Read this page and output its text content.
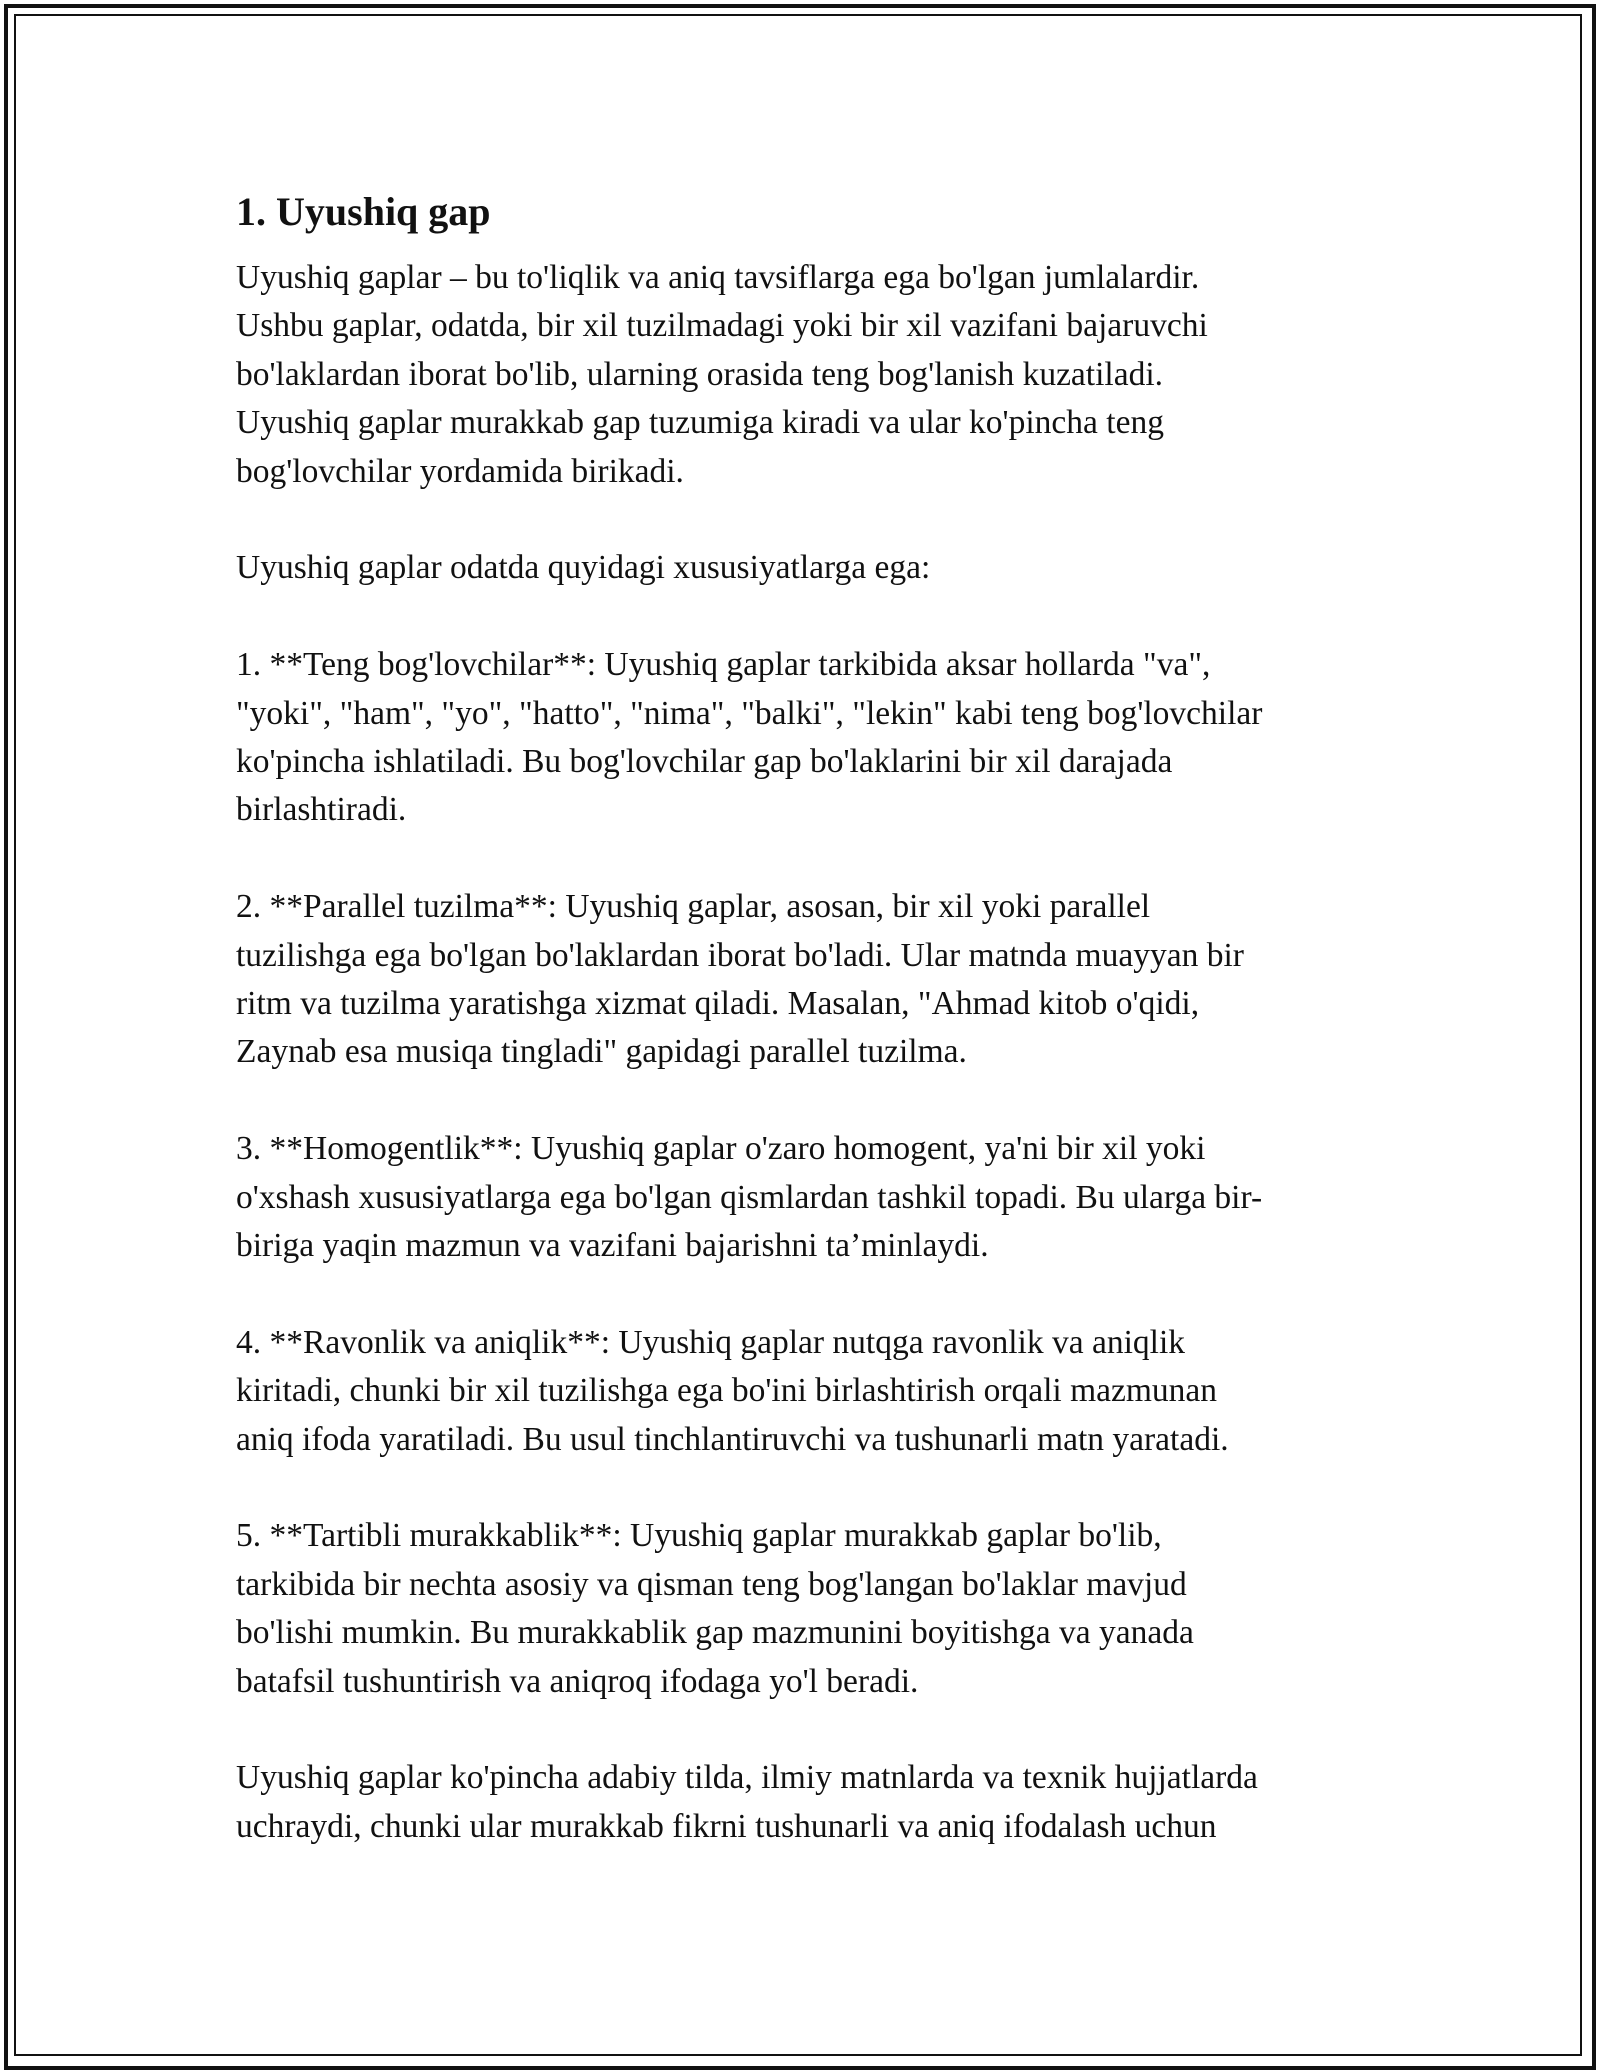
1. Uyushiq gap

Uyushiq gaplar – bu to'liqlik va aniq tavsiflarga ega bo'lgan jumlalardir.
Ushbu gaplar, odatda, bir xil tuzilmadagi yoki bir xil vazifani bajaruvchi
bo'laklardan iborat bo'lib, ularning orasida teng bog'lanish kuzatiladi.
Uyushiq gaplar murakkab gap tuzumiga kiradi va ular ko'pincha teng
bog'lovchilar yordamida birikadi.

Uyushiq gaplar odatda quyidagi xususiyatlarga ega:

1. **Teng bog'lovchilar**: Uyushiq gaplar tarkibida aksar hollarda "va",
"yoki", "ham", "yo", "hatto", "nima", "balki", "lekin" kabi teng bog'lovchilar
ko'pincha ishlatiladi. Bu bog'lovchilar gap bo'laklarini bir xil darajada
birlashtiradi.

2. **Parallel tuzilma**: Uyushiq gaplar, asosan, bir xil yoki parallel
tuzilishga ega bo'lgan bo'laklardan iborat bo'ladi. Ular matnda muayyan bir
ritm va tuzilma yaratishga xizmat qiladi. Masalan, "Ahmad kitob o'qidi,
Zaynab esa musiqa tingladi" gapidagi parallel tuzilma.

3. **Homogentlik**: Uyushiq gaplar o'zaro homogent, ya'ni bir xil yoki
o'xshash xususiyatlarga ega bo'lgan qismlardan tashkil topadi. Bu ularga bir-
biriga yaqin mazmun va vazifani bajarishni ta’minlaydi.

4. **Ravonlik va aniqlik**: Uyushiq gaplar nutqga ravonlik va aniqlik
kiritadi, chunki bir xil tuzilishga ega bo'ini birlashtirish orqali mazmunan
aniq ifoda yaratiladi. Bu usul tinchlantiruvchi va tushunarli matn yaratadi.

5. **Tartibli murakkablik**: Uyushiq gaplar murakkab gaplar bo'lib,
tarkibida bir nechta asosiy va qisman teng bog'langan bo'laklar mavjud
bo'lishi mumkin. Bu murakkablik gap mazmunini boyitishga va yanada
batafsil tushuntirish va aniqroq ifodaga yo'l beradi.

Uyushiq gaplar ko'pincha adabiy tilda, ilmiy matnlarda va texnik hujjatlarda
uchraydi, chunki ular murakkab fikrni tushunarli va aniq ifodalash uchun
